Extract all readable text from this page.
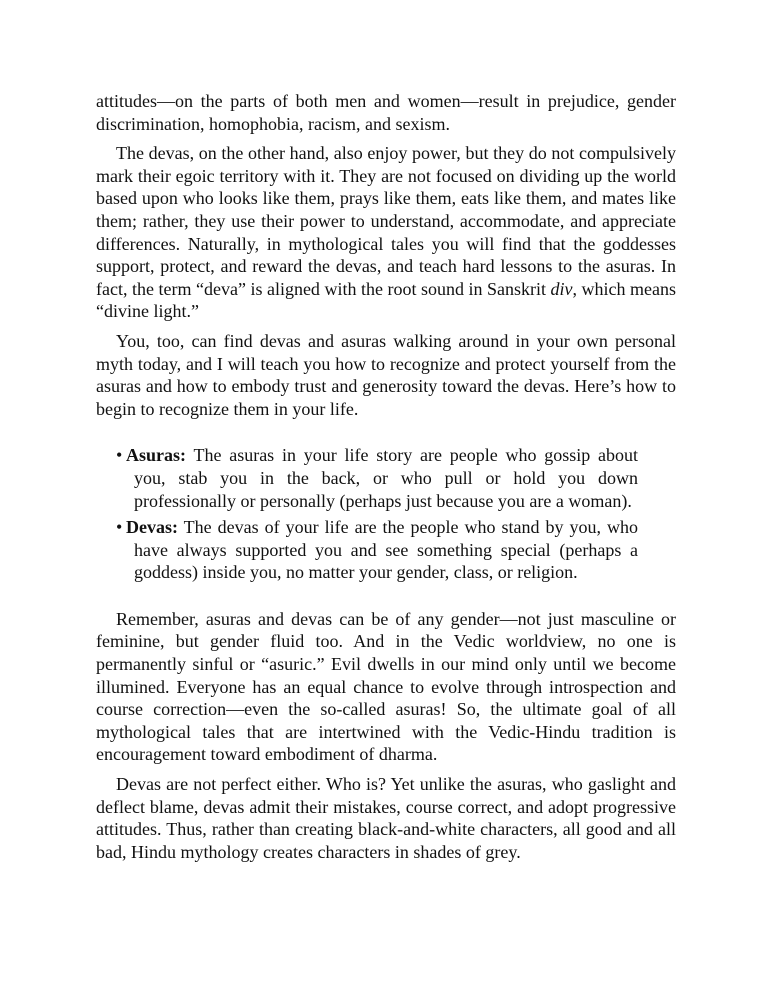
attitudes—on the parts of both men and women—result in prejudice, gender discrimination, homophobia, racism, and sexism.

The devas, on the other hand, also enjoy power, but they do not compulsively mark their egoic territory with it. They are not focused on dividing up the world based upon who looks like them, prays like them, eats like them, and mates like them; rather, they use their power to understand, accommodate, and appreciate differences. Naturally, in mythological tales you will find that the goddesses support, protect, and reward the devas, and teach hard lessons to the asuras. In fact, the term “deva” is aligned with the root sound in Sanskrit div, which means “divine light.”

You, too, can find devas and asuras walking around in your own personal myth today, and I will teach you how to recognize and protect yourself from the asuras and how to embody trust and generosity toward the devas. Here’s how to begin to recognize them in your life.

• Asuras: The asuras in your life story are people who gossip about you, stab you in the back, or who pull or hold you down professionally or personally (perhaps just because you are a woman).
• Devas: The devas of your life are the people who stand by you, who have always supported you and see something special (perhaps a goddess) inside you, no matter your gender, class, or religion.

Remember, asuras and devas can be of any gender—not just masculine or feminine, but gender fluid too. And in the Vedic worldview, no one is permanently sinful or “asuric.” Evil dwells in our mind only until we become illumined. Everyone has an equal chance to evolve through introspection and course correction—even the so-called asuras! So, the ultimate goal of all mythological tales that are intertwined with the Vedic-Hindu tradition is encouragement toward embodiment of dharma.

Devas are not perfect either. Who is? Yet unlike the asuras, who gaslight and deflect blame, devas admit their mistakes, course correct, and adopt progressive attitudes. Thus, rather than creating black-and-white characters, all good and all bad, Hindu mythology creates characters in shades of grey.
